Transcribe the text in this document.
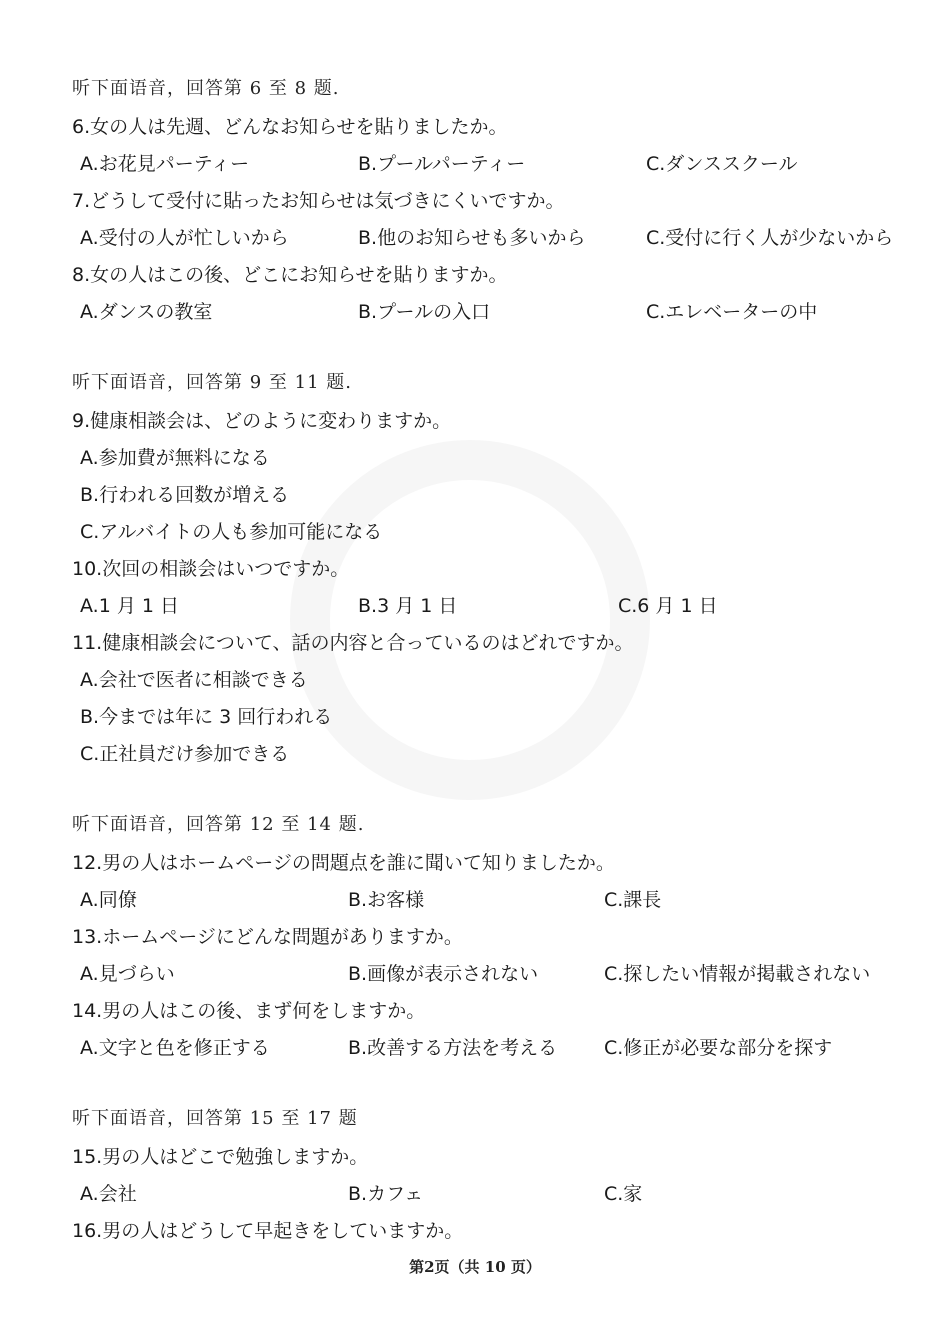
听下面语音，回答第 6 至 8 题.
6.女の人は先週、どんなお知らせを貼りましたか。
A.お花見パーティー	B.プールパーティー	C.ダンススクール
7.どうして受付に貼ったお知らせは気づきにくいですか。
A.受付の人が忙しいから	B.他のお知らせも多いから	C.受付に行く人が少ないから
8.女の人はこの後、どこにお知らせを貼りますか。
A.ダンスの教室	B.プールの入口	C.エレベーターの中
听下面语音，回答第 9 至 11 题.
9.健康相談会は、どのように変わりますか。
A.参加費が無料になる
B.行われる回数が増える
C.アルバイトの人も参加可能になる
10.次回の相談会はいつですか。
A.1 月 1 日	B.3 月 1 日	C.6 月 1 日
11.健康相談会について、話の内容と合っているのはどれですか。
A.会社で医者に相談できる
B.今までは年に 3 回行われる
C.正社員だけ参加できる
听下面语音，回答第 12 至 14 题.
12.男の人はホームページの問題点を誰に聞いて知りましたか。
A.同僚	B.お客様	C.課長
13.ホームページにどんな問題がありますか。
A.見づらい	B.画像が表示されない	C.探したい情報が掲載されない
14.男の人はこの後、まず何をしますか。
A.文字と色を修正する	B.改善する方法を考える C.修正が必要な部分を探す
听下面语音，回答第 15 至 17 题
15.男の人はどこで勉強しますか。
A.会社	B.カフェ	C.家
16.男の人はどうして早起きをしていますか。
第2页（共 10 页）
